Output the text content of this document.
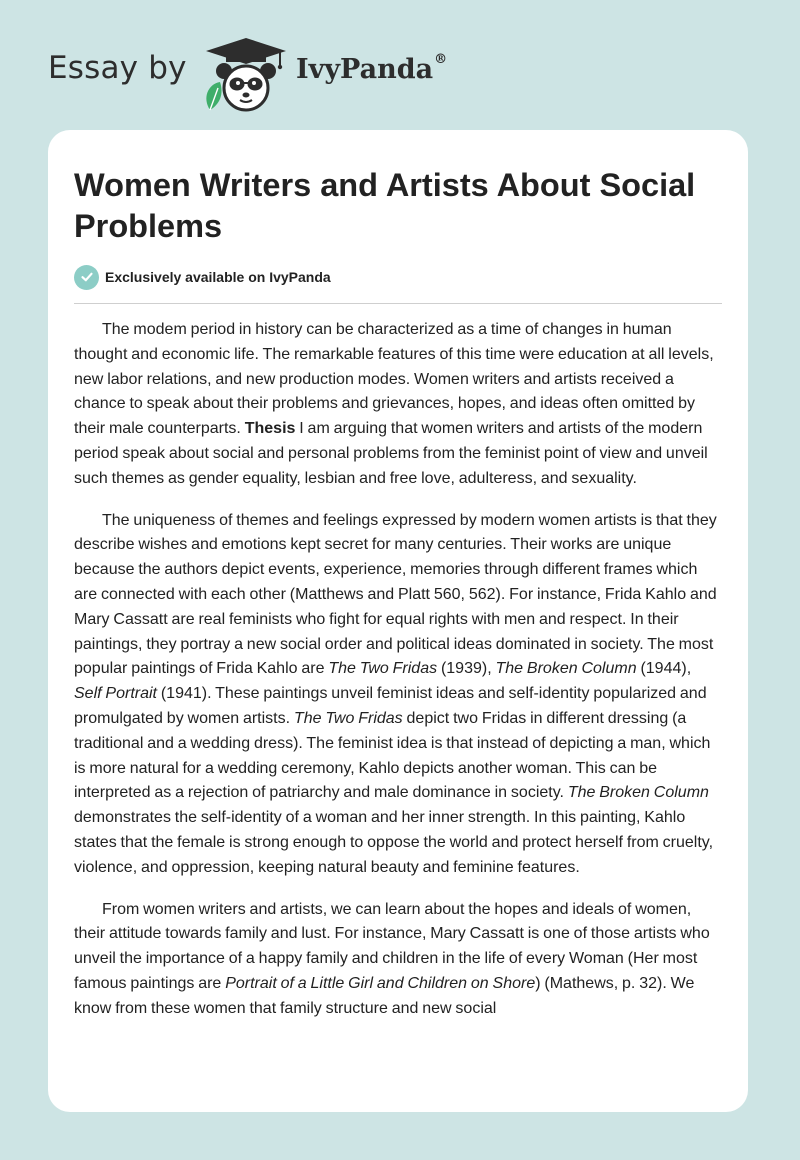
Essay by	IvyPanda®
Women Writers and Artists About Social Problems
Exclusively available on IvyPanda

The modem period in history can be characterized as a time of changes in human thought and economic life. The remarkable features of this time were education at all levels, new labor relations, and new production modes. Women writers and artists received a chance to speak about their problems and grievances, hopes, and ideas often omitted by their male counterparts. Thesis I am arguing that women writers and artists of the modern period speak about social and personal problems from the feminist point of view and unveil such themes as gender equality, lesbian and free love, adulteress, and sexuality.

The uniqueness of themes and feelings expressed by modern women artists is that they describe wishes and emotions kept secret for many centuries. Their works are unique because the authors depict events, experience, memories through different frames which are connected with each other (Matthews and Platt 560, 562). For instance, Frida Kahlo and Mary Cassatt are real feminists who fight for equal rights with men and respect. In their paintings, they portray a new social order and political ideas dominated in society. The most popular paintings of Frida Kahlo are The Two Fridas (1939), The Broken Column (1944), Self Portrait (1941). These paintings unveil feminist ideas and self-identity popularized and promulgated by women artists. The Two Fridas depict two Fridas in different dressing (a traditional and a wedding dress). The feminist idea is that instead of depicting a man, which is more natural for a wedding ceremony, Kahlo depicts another woman. This can be interpreted as a rejection of patriarchy and male dominance in society. The Broken Column demonstrates the self-identity of a woman and her inner strength. In this painting, Kahlo states that the female is strong enough to oppose the world and protect herself from cruelty, violence, and oppression, keeping natural beauty and feminine features.

From women writers and artists, we can learn about the hopes and ideals of women, their attitude towards family and lust. For instance, Mary Cassatt is one of those artists who unveil the importance of a happy family and children in the life of every Woman (Her most famous paintings are Portrait of a Little Girl and Children on Shore) (Mathews, p. 32). We know from these women that family structure and new social
